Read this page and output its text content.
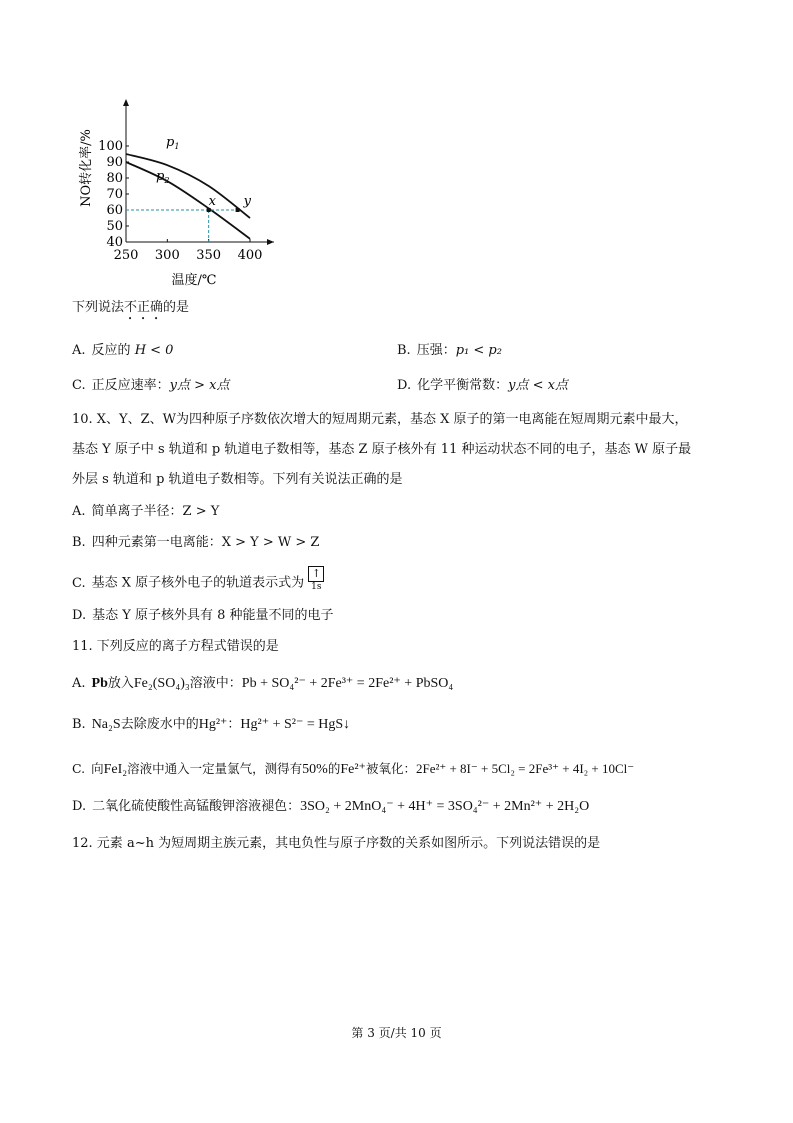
40
50
60
70
80
90
100
250 300 350 400
$p_1$
$p_2$
x y
NO转化率/%
温度/℃
下列说法不正确的是
A. 反应的 H < 0	B. 压强：p₁ < p₂
C. 正反应速率：y点 > x点	D. 化学平衡常数：y点 < x点
10. X、Y、Z、W为四种原子序数依次增大的短周期元素，基态 X 原子的第一电离能在短周期元素中最大，
基态 Y 原子中 s 轨道和 p 轨道电子数相等，基态 Z 原子核外有 11 种运动状态不同的电子，基态 W 原子最
外层 s 轨道和 p 轨道电子数相等。下列有关说法正确的是
A. 简单离子半径：Z > Y
B. 四种元素第一电离能：X > Y > W > Z
C. 基态 X 原子核外电子的轨道表示式为
↑
1s
D. 基态 Y 原子核外具有 8 种能量不同的电子
11. 下列反应的离子方程式错误的是
A. Pb放入Fe₂(SO₄)₃溶液中：Pb + SO₄²⁻ + 2Fe³⁺ = 2Fe²⁺ + PbSO₄
B. Na₂S去除废水中的Hg²⁺：Hg²⁺ + S²⁻ = HgS↓
C. 向FeI₂溶液中通入一定量氯气，测得有50%的Fe²⁺被氧化：2Fe²⁺ + 8I⁻ + 5Cl₂ = 2Fe³⁺ + 4I₂ + 10Cl⁻
D. 二氧化硫使酸性高锰酸钾溶液褪色：3SO₂ + 2MnO₄⁻ + 4H⁺ = 3SO₄²⁻ + 2Mn²⁺ + 2H₂O
12. 元素 a~h 为短周期主族元素，其电负性与原子序数的关系如图所示。下列说法错误的是
第 3 页/共 10 页
